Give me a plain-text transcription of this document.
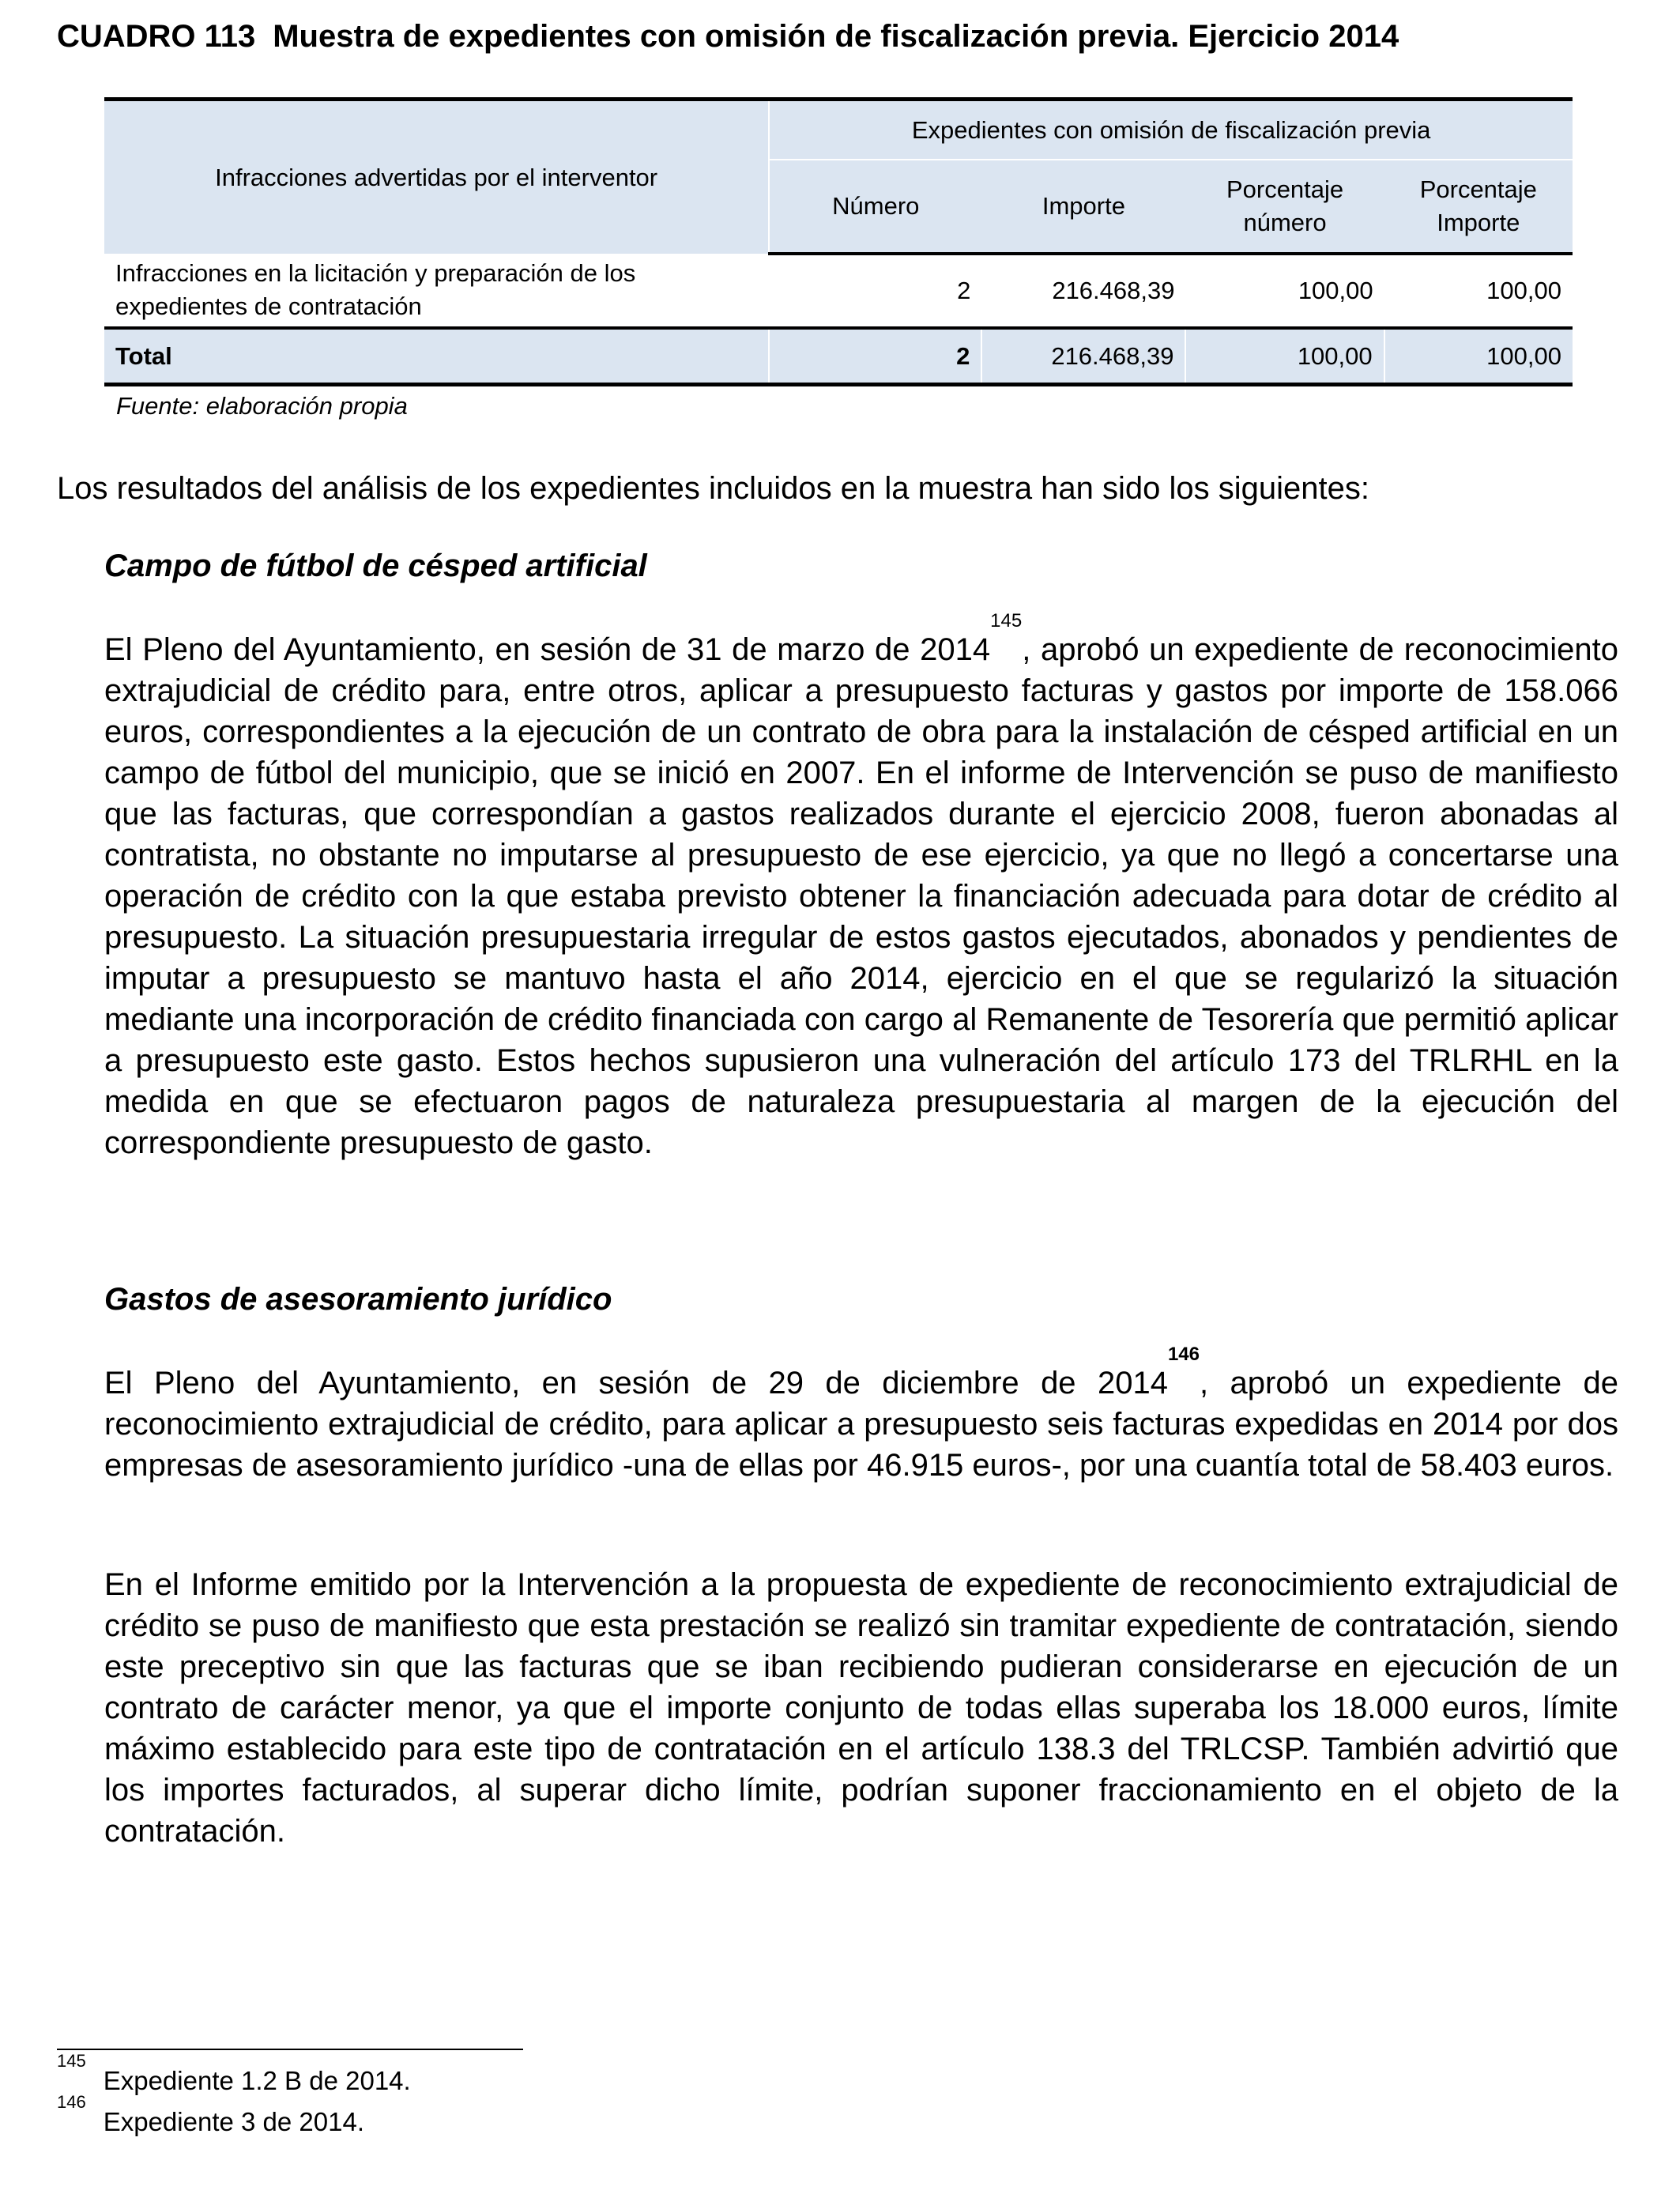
CUADRO 113 Muestra de expedientes con omisión de fiscalización previa. Ejercicio 2014
Infracciones advertidas por el interventor	Expedientes con omisión de fiscalización previa			
	Número	Importe	Porcentaje número	Porcentaje Importe
Infracciones en la licitación y preparación de los expedientes de contratación	2	216.468,39	100,00	100,00
Total	2	216.468,39	100,00	100,00
Fuente: elaboración propia
Los resultados del análisis de los expedientes incluidos en la muestra han sido los siguientes:
Campo de fútbol de césped artificial
El Pleno del Ayuntamiento, en sesión de 31 de marzo de 2014$^{145}$, aprobó un expediente de reconocimiento extrajudicial de crédito para, entre otros, aplicar a presupuesto facturas y gastos por importe de 158.066 euros, correspondientes a la ejecución de un contrato de obra para la instalación de césped artificial en un campo de fútbol del municipio, que se inició en 2007. En el informe de Intervención se puso de manifiesto que las facturas, que correspondían a gastos realizados durante el ejercicio 2008, fueron abonadas al contratista, no obstante no imputarse al presupuesto de ese ejercicio, ya que no llegó a concertarse una operación de crédito con la que estaba previsto obtener la financiación adecuada para dotar de crédito al presupuesto. La situación presupuestaria irregular de estos gastos ejecutados, abonados y pendientes de imputar a presupuesto se mantuvo hasta el año 2014, ejercicio en el que se regularizó la situación mediante una incorporación de crédito financiada con cargo al Remanente de Tesorería que permitió aplicar a presupuesto este gasto. Estos hechos supusieron una vulneración del artículo 173 del TRLRHL en la medida en que se efectuaron pagos de naturaleza presupuestaria al margen de la ejecución del correspondiente presupuesto de gasto.
Gastos de asesoramiento jurídico
El Pleno del Ayuntamiento, en sesión de 29 de diciembre de 2014$^{146}$, aprobó un expediente de reconocimiento extrajudicial de crédito, para aplicar a presupuesto seis facturas expedidas en 2014 por dos empresas de asesoramiento jurídico -una de ellas por 46.915 euros-, por una cuantía total de 58.403 euros.
En el Informe emitido por la Intervención a la propuesta de expediente de reconocimiento extrajudicial de crédito se puso de manifiesto que esta prestación se realizó sin tramitar expediente de contratación, siendo este preceptivo sin que las facturas que se iban recibiendo pudieran considerarse en ejecución de un contrato de carácter menor, ya que el importe conjunto de todas ellas superaba los 18.000 euros, límite máximo establecido para este tipo de contratación en el artículo 138.3 del TRLCSP. También advirtió que los importes facturados, al superar dicho límite, podrían suponer fraccionamiento en el objeto de la contratación.
$^{145}$Expediente 1.2 B de 2014.
$^{146}$Expediente 3 de 2014.
